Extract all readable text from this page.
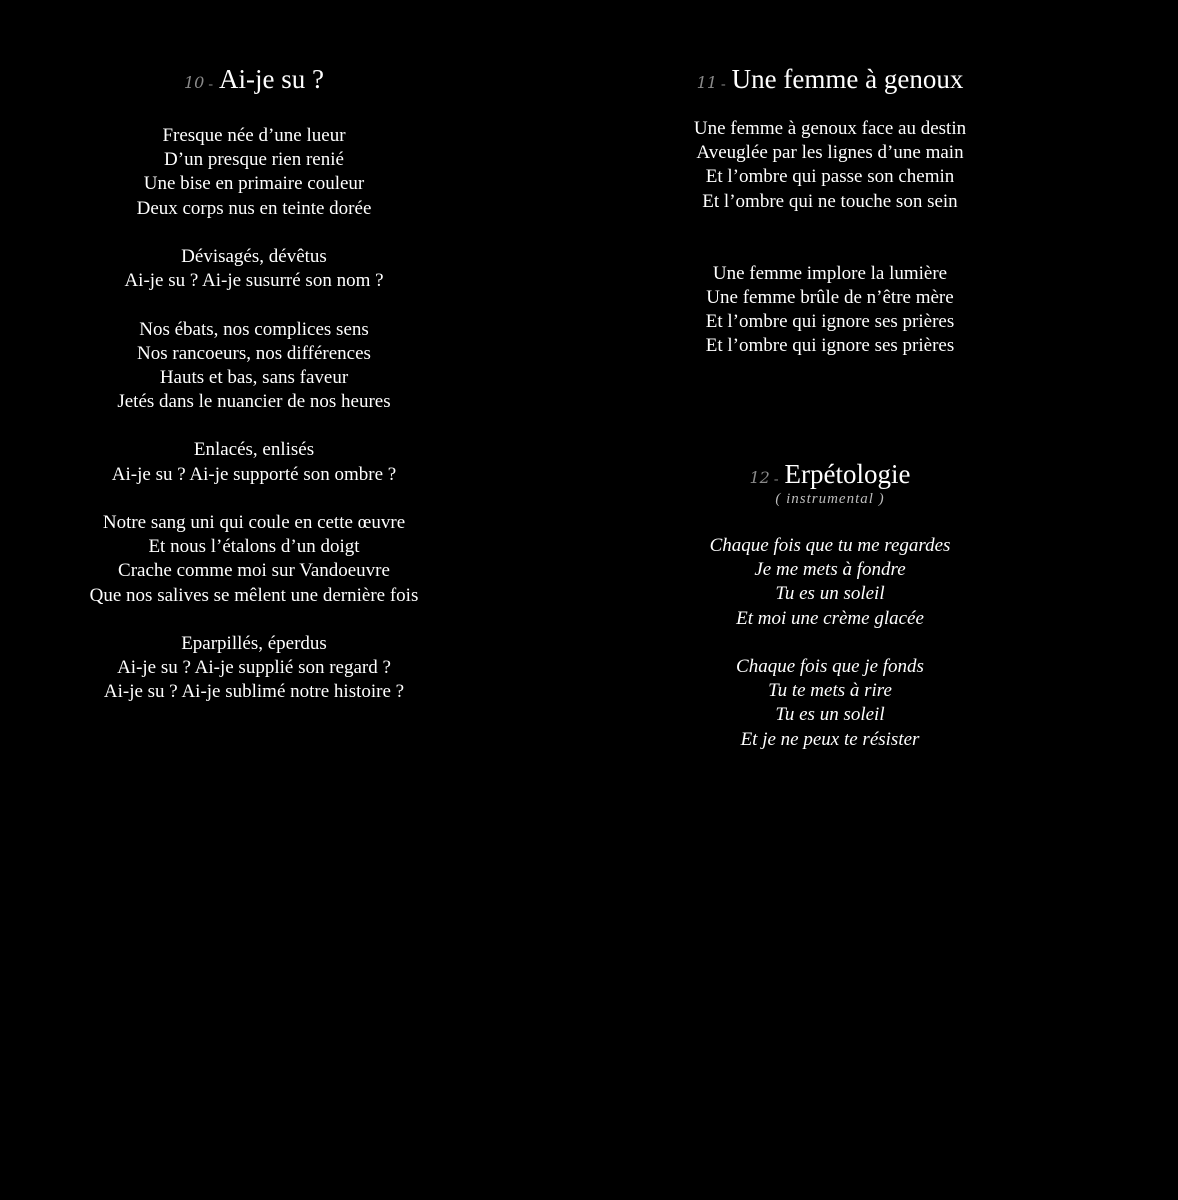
10 - Ai-je su ?
Fresque née d’une lueur
D’un presque rien renié
Une bise en primaire couleur
Deux corps nus en teinte dorée
Dévisagés, dévêtus
Ai-je su ? Ai-je susurré son nom ?
Nos ébats, nos complices sens
Nos rancoeurs, nos différences
Hauts et bas, sans faveur
Jetés dans le nuancier de nos heures
Enlacés, enlisés
Ai-je su ? Ai-je supporté son ombre ?
Notre sang uni qui coule en cette œuvre
Et nous l’étalons d’un doigt
Crache comme moi sur Vandoeuvre
Que nos salives se mêlent une dernière fois
Eparpillés, éperdus
Ai-je su ? Ai-je supplié son regard ?
Ai-je su ? Ai-je sublimé notre histoire ?
11 - Une femme à genoux
Une femme à genoux face au destin
Aveuglée par les lignes d’une main
Et l’ombre qui passe son chemin
Et l’ombre qui ne touche son sein
Une femme implore la lumière
Une femme brûle de n’être mère
Et l’ombre qui ignore ses prières
Et l’ombre qui ignore ses prières
12 - Erpétologie
( instrumental )
Chaque fois que tu me regardes
Je me mets à fondre
Tu es un soleil
Et moi une crème glacée
Chaque fois que je fonds
Tu te mets à rire
Tu es un soleil
Et je ne peux te résister
